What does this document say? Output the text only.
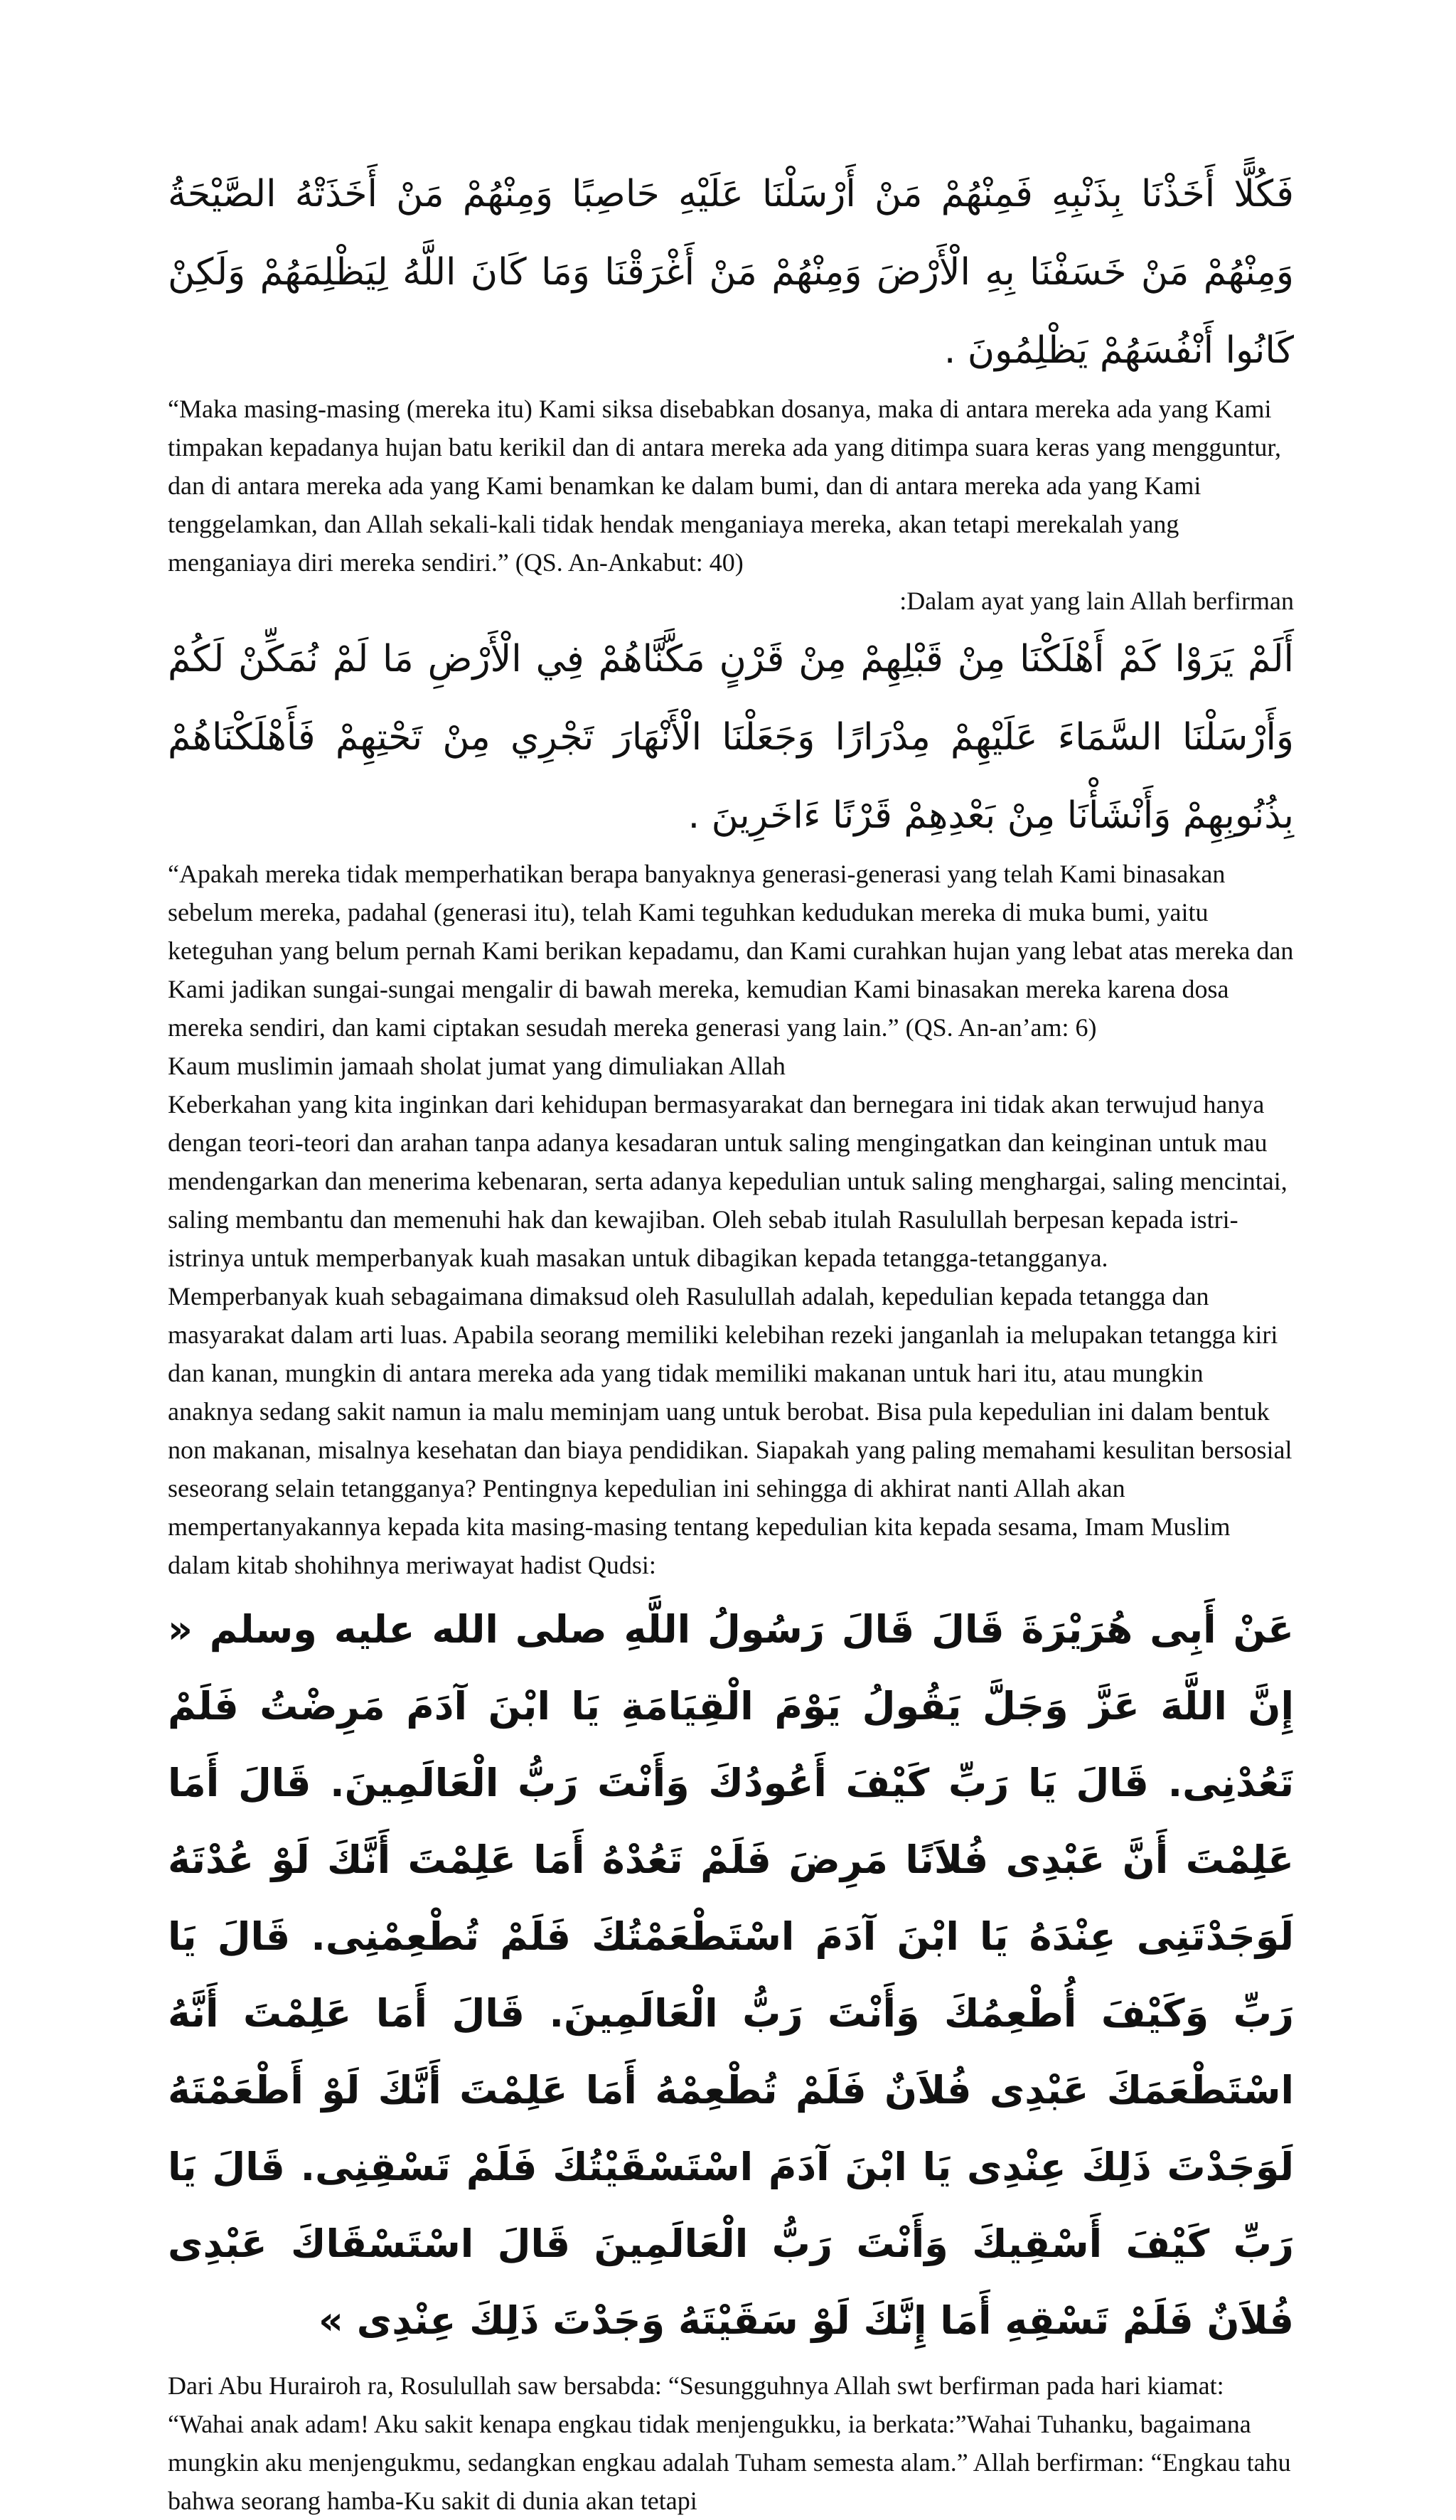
فَكُلًّا أَخَذْنَا بِذَنْبِهِ فَمِنْهُمْ مَنْ أَرْسَلْنَا عَلَيْهِ حَاصِبًا وَمِنْهُمْ مَنْ أَخَذَتْهُ الصَّيْحَةُ وَمِنْهُمْ مَنْ خَسَفْنَا بِهِ الْأَرْضَ وَمِنْهُمْ مَنْ أَغْرَقْنَا وَمَا كَانَ اللَّهُ لِيَظْلِمَهُمْ وَلَكِنْ كَانُوا أَنْفُسَهُمْ يَظْلِمُونَ .

“Maka masing-masing (mereka itu) Kami siksa disebabkan dosanya, maka di antara mereka ada yang Kami timpakan kepadanya hujan batu kerikil dan di antara mereka ada yang ditimpa suara keras yang mengguntur, dan di antara mereka ada yang Kami benamkan ke dalam bumi, dan di antara mereka ada yang Kami tenggelamkan, dan Allah sekali-kali tidak hendak menganiaya mereka, akan tetapi merekalah yang menganiaya diri mereka sendiri.” (QS. An-Ankabut: 40)

:Dalam ayat yang lain Allah berfirman

أَلَمْ يَرَوْا كَمْ أَهْلَكْنَا مِنْ قَبْلِهِمْ مِنْ قَرْنٍ مَكَّنَّاهُمْ فِي الْأَرْضِ مَا لَمْ نُمَكِّنْ لَكُمْ وَأَرْسَلْنَا السَّمَاءَ عَلَيْهِمْ مِدْرَارًا وَجَعَلْنَا الْأَنْهَارَ تَجْرِي مِنْ تَحْتِهِمْ فَأَهْلَكْنَاهُمْ بِذُنُوبِهِمْ وَأَنْشَأْنَا مِنْ بَعْدِهِمْ قَرْنًا ءَاخَرِينَ .

“Apakah mereka tidak memperhatikan berapa banyaknya generasi-generasi yang telah Kami binasakan sebelum mereka, padahal (generasi itu), telah Kami teguhkan kedudukan mereka di muka bumi, yaitu keteguhan yang belum pernah Kami berikan kepadamu, dan Kami curahkan hujan yang lebat atas mereka dan Kami jadikan sungai-sungai mengalir di bawah mereka, kemudian Kami binasakan mereka karena dosa mereka sendiri, dan kami ciptakan sesudah mereka generasi yang lain.” (QS. An-an’am: 6)

Kaum muslimin jamaah sholat jumat yang dimuliakan Allah

Keberkahan yang kita inginkan dari kehidupan bermasyarakat dan bernegara ini tidak akan terwujud hanya dengan teori-teori dan arahan tanpa adanya kesadaran untuk saling mengingatkan dan keinginan untuk mau mendengarkan dan menerima kebenaran, serta adanya kepedulian untuk saling menghargai, saling mencintai, saling membantu dan memenuhi hak dan kewajiban. Oleh sebab itulah Rasulullah berpesan kepada istri-istrinya untuk memperbanyak kuah masakan untuk dibagikan kepada tetangga-tetangganya.

Memperbanyak kuah sebagaimana dimaksud oleh Rasulullah adalah, kepedulian kepada tetangga dan masyarakat dalam arti luas. Apabila seorang memiliki kelebihan rezeki janganlah ia melupakan tetangga kiri dan kanan, mungkin di antara mereka ada yang tidak memiliki makanan untuk hari itu, atau mungkin anaknya sedang sakit namun ia malu meminjam uang untuk berobat. Bisa pula kepedulian ini dalam bentuk non makanan, misalnya kesehatan dan biaya pendidikan. Siapakah yang paling memahami kesulitan bersosial seseorang selain tetangganya? Pentingnya kepedulian ini sehingga di akhirat nanti Allah akan mempertanyakannya kepada kita masing-masing tentang kepedulian kita kepada sesama, Imam Muslim dalam kitab shohihnya meriwayat hadist Qudsi:

عَنْ أَبِى هُرَيْرَةَ قَالَ قَالَ رَسُولُ اللَّهِ صلى الله عليه وسلم « إِنَّ اللَّهَ عَزَّ وَجَلَّ يَقُولُ يَوْمَ الْقِيَامَةِ يَا ابْنَ آدَمَ مَرِضْتُ فَلَمْ تَعُدْنِى. قَالَ يَا رَبِّ كَيْفَ أَعُودُكَ وَأَنْتَ رَبُّ الْعَالَمِينَ. قَالَ أَمَا عَلِمْتَ أَنَّ عَبْدِى فُلاَنًا مَرِضَ فَلَمْ تَعُدْهُ أَمَا عَلِمْتَ أَنَّكَ لَوْ عُدْتَهُ لَوَجَدْتَنِى عِنْدَهُ يَا ابْنَ آدَمَ اسْتَطْعَمْتُكَ فَلَمْ تُطْعِمْنِى. قَالَ يَا رَبِّ وَكَيْفَ أُطْعِمُكَ وَأَنْتَ رَبُّ الْعَالَمِينَ. قَالَ أَمَا عَلِمْتَ أَنَّهُ اسْتَطْعَمَكَ عَبْدِى فُلاَنٌ فَلَمْ تُطْعِمْهُ أَمَا عَلِمْتَ أَنَّكَ لَوْ أَطْعَمْتَهُ لَوَجَدْتَ ذَلِكَ عِنْدِى يَا ابْنَ آدَمَ اسْتَسْقَيْتُكَ فَلَمْ تَسْقِنِى. قَالَ يَا رَبِّ كَيْفَ أَسْقِيكَ وَأَنْتَ رَبُّ الْعَالَمِينَ قَالَ اسْتَسْقَاكَ عَبْدِى فُلاَنٌ فَلَمْ تَسْقِهِ أَمَا إِنَّكَ لَوْ سَقَيْتَهُ وَجَدْتَ ذَلِكَ عِنْدِى »

Dari Abu Hurairoh ra, Rosulullah saw bersabda: “Sesungguhnya Allah swt berfirman pada hari kiamat: “Wahai anak adam! Aku sakit kenapa engkau tidak menjengukku, ia berkata:”Wahai Tuhanku, bagaimana mungkin aku menjengukmu, sedangkan engkau adalah Tuham semesta alam.” Allah berfirman: “Engkau tahu bahwa seorang hamba-Ku sakit di dunia akan tetapi
